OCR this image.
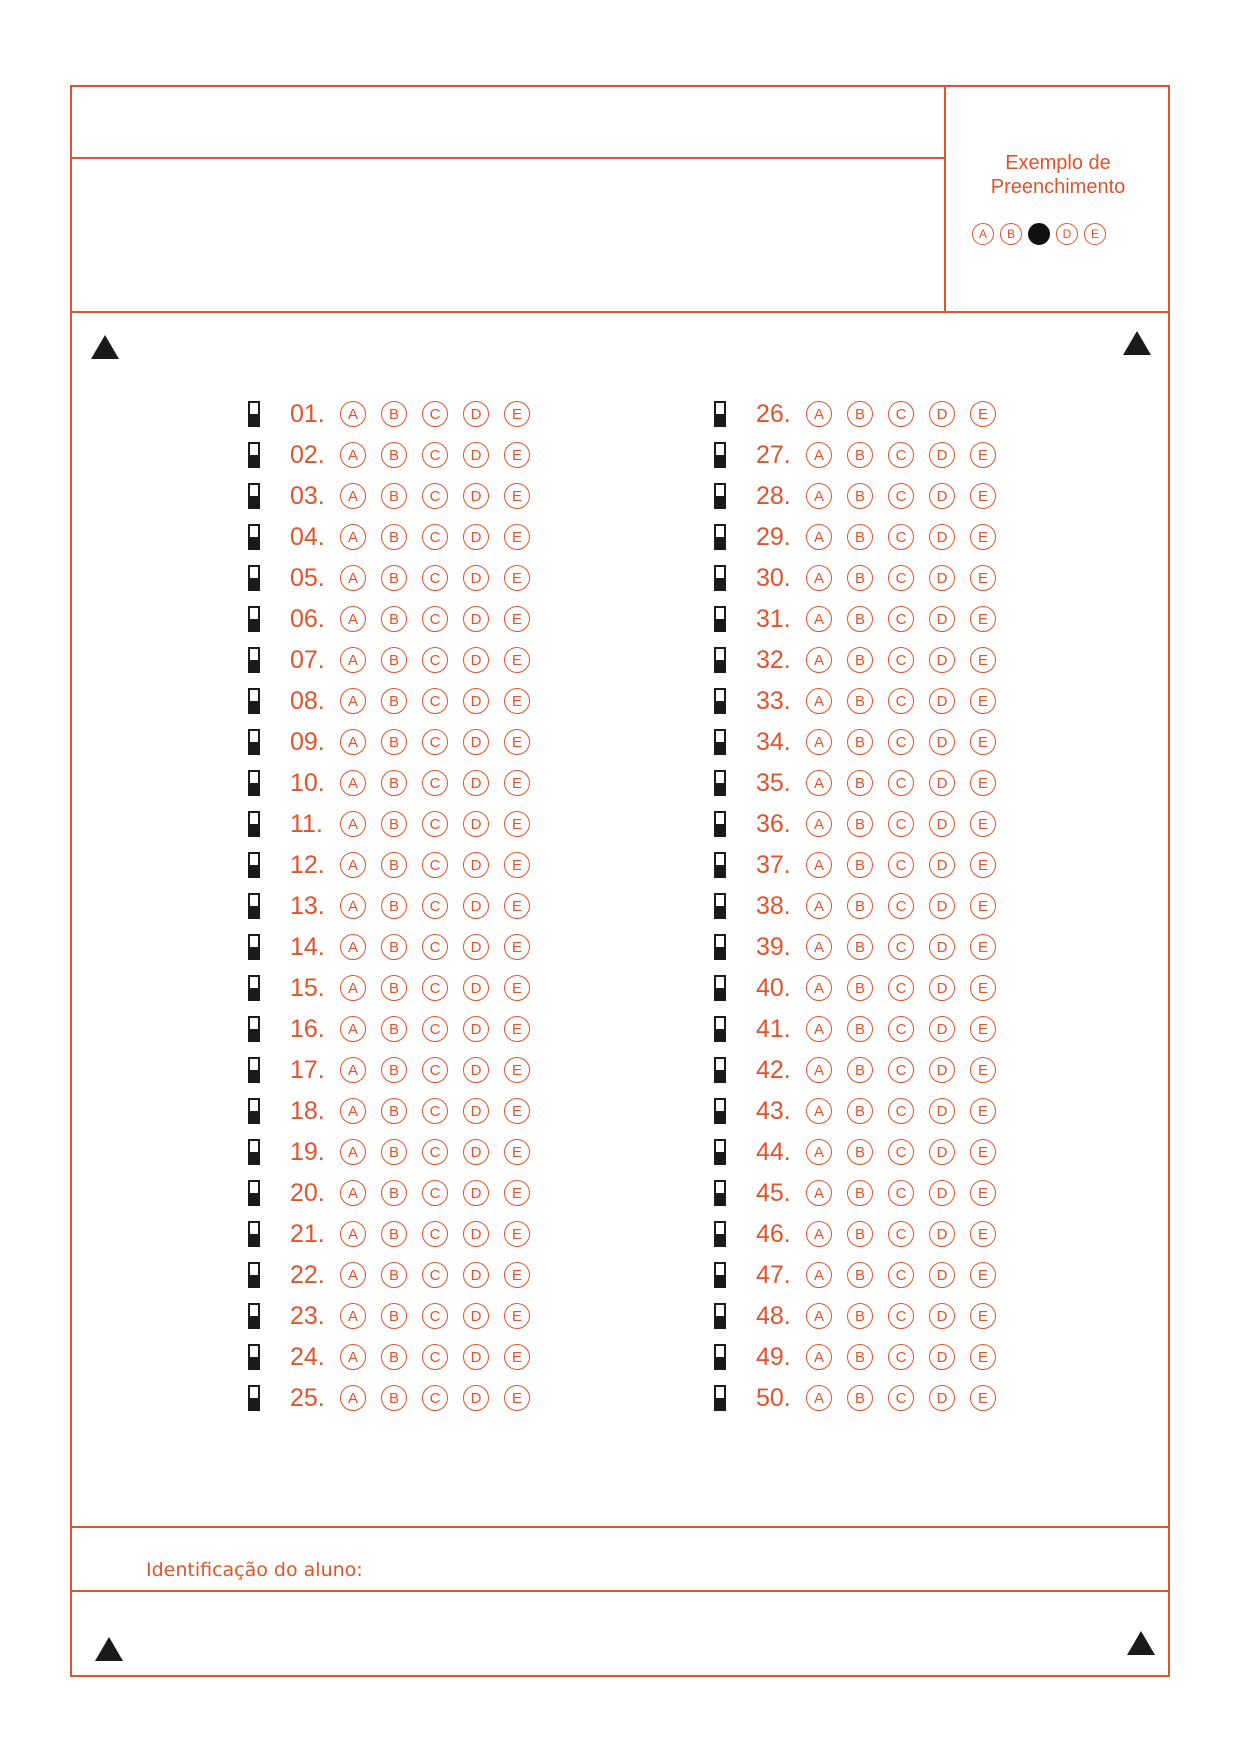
Exemplo de
Preenchimento
A	B	D	E
01.	A	B	C	D	E
02.	A	B	C	D	E
03.	A	B	C	D	E
04.	A	B	C	D	E
05.	A	B	C	D	E
06.	A	B	C	D	E
07.	A	B	C	D	E
08.	A	B	C	D	E
09.	A	B	C	D	E
10.	A	B	C	D	E
11.	A	B	C	D	E
12.	A	B	C	D	E
13.	A	B	C	D	E
14.	A	B	C	D	E
15.	A	B	C	D	E
16.	A	B	C	D	E
17.	A	B	C	D	E
18.	A	B	C	D	E
19.	A	B	C	D	E
20.	A	B	C	D	E
21.	A	B	C	D	E
22.	A	B	C	D	E
23.	A	B	C	D	E
24.	A	B	C	D	E
25.	A	B	C	D	E
26.	A	B	C	D	E
27.	A	B	C	D	E
28.	A	B	C	D	E
29.	A	B	C	D	E
30.	A	B	C	D	E
31.	A	B	C	D	E
32.	A	B	C	D	E
33.	A	B	C	D	E
34.	A	B	C	D	E
35.	A	B	C	D	E
36.	A	B	C	D	E
37.	A	B	C	D	E
38.	A	B	C	D	E
39.	A	B	C	D	E
40.	A	B	C	D	E
41.	A	B	C	D	E
42.	A	B	C	D	E
43.	A	B	C	D	E
44.	A	B	C	D	E
45.	A	B	C	D	E
46.	A	B	C	D	E
47.	A	B	C	D	E
48.	A	B	C	D	E
49.	A	B	C	D	E
50.	A	B	C	D	E
Identificação do aluno:
